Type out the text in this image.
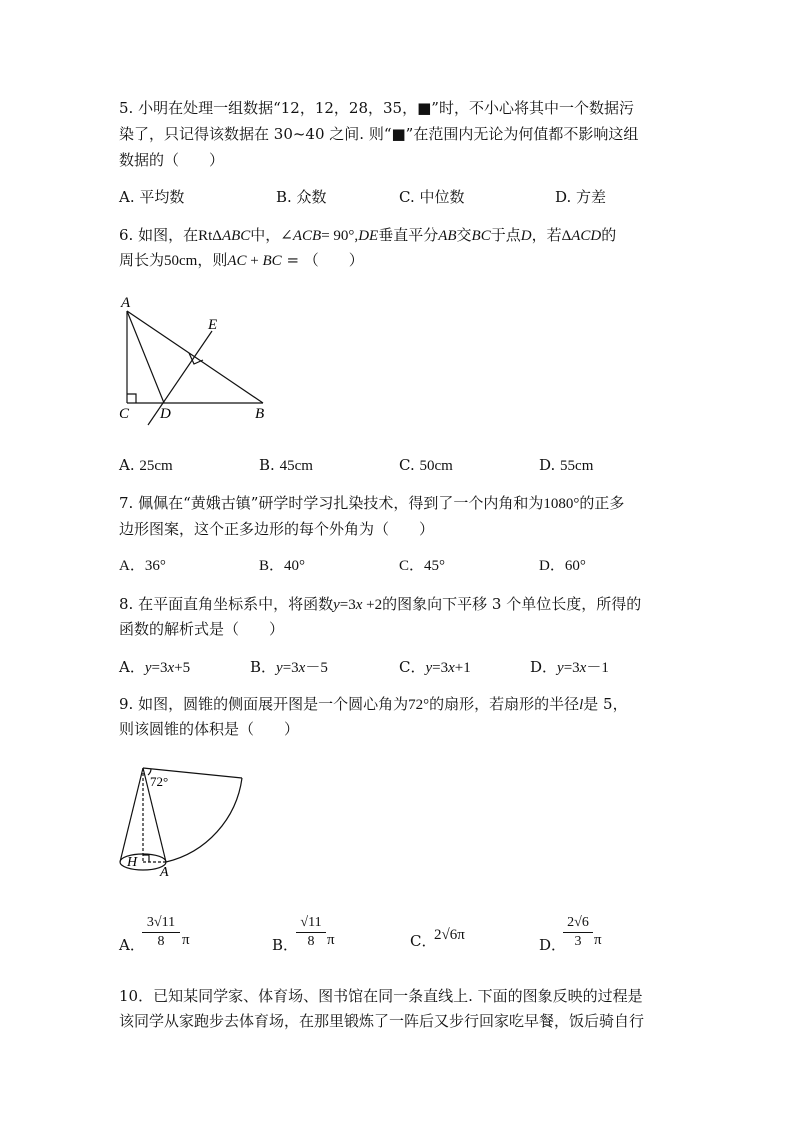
5. 小明在处理一组数据“12，12，28，35，■”时，不小心将其中一个数据污
染了，只记得该数据在 30~40 之间. 则“■”在范围内无论为何值都不影响这组
数据的（　　）
A. 平均数	B. 众数	C. 中位数	D. 方差
6. 如图，在RtΔABC中，∠ACB= 90°,DE垂直平分AB交BC于点D，若ΔACD的
周长为50cm，则AC + BC = （　　）
A
E
C D	B
A. 25cm	B. 45cm	C. 50cm	D. 55cm
7. 佩佩在“黄娥古镇”研学时学习扎染技术，得到了一个内角和为1080°的正多
边形图案，这个正多边形的每个外角为（　　）
A．36°	B．40°	C．45°	D．60°
8. 在平面直角坐标系中，将函数y=3x +2的图象向下平移 3 个单位长度，所得的
函数的解析式是（　　）
A．y=3x+5	B．y=3x－5	C．y=3x+1	D．y=3x－1
9. 如图，圆锥的侧面展开图是一个圆心角为72°的扇形，若扇形的半径l是 5，
则该圆锥的体积是（　　）
72°
H
A
A．
$\frac{3√11}{8}$ π	B．
$\frac{√11}{8}$ π	C．
2√6π
D．
$\frac{2√6}{3}$ π
10．已知某同学家、体育场、图书馆在同一条直线上. 下面的图象反映的过程是
该同学从家跑步去体育场，在那里锻炼了一阵后又步行回家吃早餐，饭后骑自行
